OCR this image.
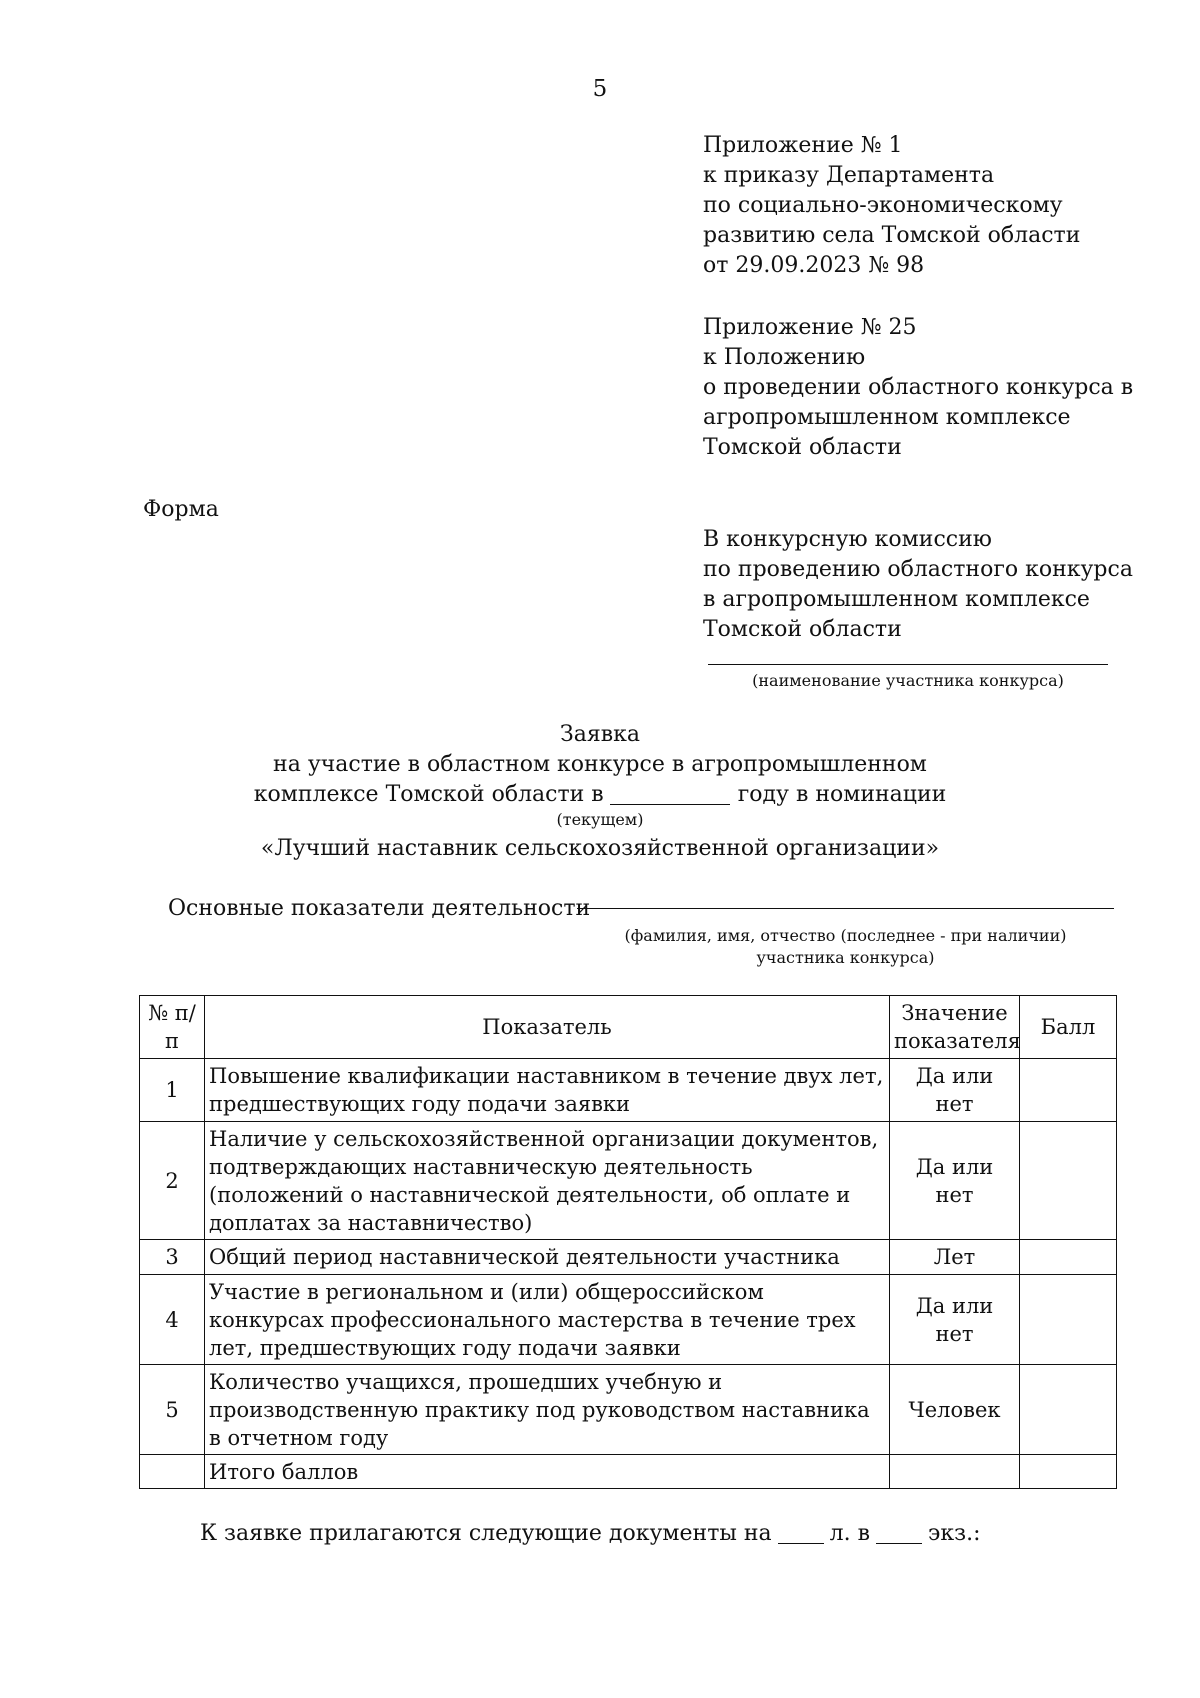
5
Приложение № 1
к приказу Департамента
по социально-экономическому
развитию села Томской области
от 29.09.2023 № 98
Приложение № 25
к Положению
о проведении областного конкурса в
агропромышленном комплексе
Томской области
Форма
В конкурсную комиссию
по проведению областного конкурса
в агропромышленном комплексе
Томской области
(наименование участника конкурса)
Заявка
на участие в областном конкурсе в агропромышленном
комплексе Томской области в	году в номинации
(текущем)
«Лучший наставник сельскохозяйственной организации»
Основные показатели деятельности
(фамилия, имя, отчество (последнее - при наличии)
участника конкурса)
№ п/п	Показатель	Значение показателя	Балл
1	Повышение квалификации наставником в течение двух лет, предшествующих году подачи заявки	Да или нет	
2	Наличие у сельскохозяйственной организации документов, подтверждающих наставническую деятельность (положений о наставнической деятельности, об оплате и доплатах за наставничество)	Да или нет	
3	Общий период наставнической деятельности участника	Лет	
4	Участие в региональном и (или) общероссийском конкурсах профессионального мастерства в течение трех лет, предшествующих году подачи заявки	Да или нет	
5	Количество учащихся, прошедших учебную и производственную практику под руководством наставника в отчетном году	Человек	
	Итого баллов		
К заявке прилагаются следующие документы на	л. в	экз.:
